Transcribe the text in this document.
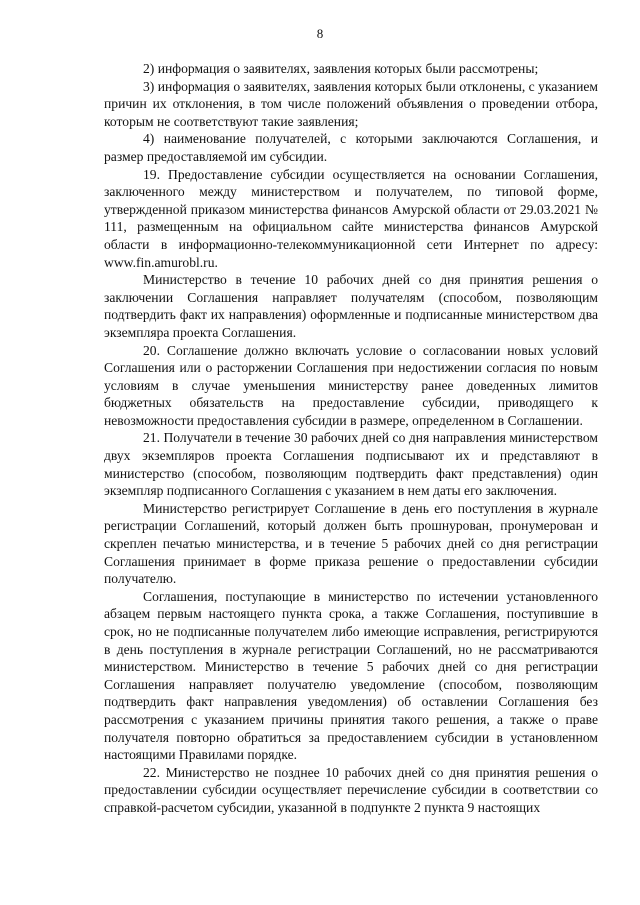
8

2) информация о заявителях, заявления которых были рассмотрены;

3) информация о заявителях, заявления которых были отклонены, с указанием причин их отклонения, в том числе положений объявления о проведении отбора, которым не соответствуют такие заявления;

4) наименование получателей, с которыми заключаются Соглашения, и размер предоставляемой им субсидии.

19. Предоставление субсидии осуществляется на основании Соглашения, заключенного между министерством и получателем, по типовой форме, утвержденной приказом министерства финансов Амурской области от 29.03.2021 № 111, размещенным на официальном сайте министерства финансов Амурской области в информационно-телекоммуникационной сети Интернет по адресу: www.fin.amurobl.ru.

Министерство в течение 10 рабочих дней со дня принятия решения о заключении Соглашения направляет получателям (способом, позволяющим подтвердить факт их направления) оформленные и подписанные министерством два экземпляра проекта Соглашения.

20. Соглашение должно включать условие о согласовании новых условий Соглашения или о расторжении Соглашения при недостижении согласия по новым условиям в случае уменьшения министерству ранее доведенных лимитов бюджетных обязательств на предоставление субсидии, приводящего к невозможности предоставления субсидии в размере, определенном в Соглашении.

21. Получатели в течение 30 рабочих дней со дня направления министерством двух экземпляров проекта Соглашения подписывают их и представляют в министерство (способом, позволяющим подтвердить факт представления) один экземпляр подписанного Соглашения с указанием в нем даты его заключения.

Министерство регистрирует Соглашение в день его поступления в журнале регистрации Соглашений, который должен быть прошнурован, пронумерован и скреплен печатью министерства, и в течение 5 рабочих дней со дня регистрации Соглашения принимает в форме приказа решение о предоставлении субсидии получателю.

Соглашения, поступающие в министерство по истечении установленного абзацем первым настоящего пункта срока, а также Соглашения, поступившие в срок, но не подписанные получателем либо имеющие исправления, регистрируются в день поступления в журнале регистрации Соглашений, но не рассматриваются министерством. Министерство в течение 5 рабочих дней со дня регистрации Соглашения направляет получателю уведомление (способом, позволяющим подтвердить факт направления уведомления) об оставлении Соглашения без рассмотрения с указанием причины принятия такого решения, а также о праве получателя повторно обратиться за предоставлением субсидии в установленном настоящими Правилами порядке.

22. Министерство не позднее 10 рабочих дней со дня принятия решения о предоставлении субсидии осуществляет перечисление субсидии в соответствии со справкой-расчетом субсидии, указанной в подпункте 2 пункта 9 настоящих
